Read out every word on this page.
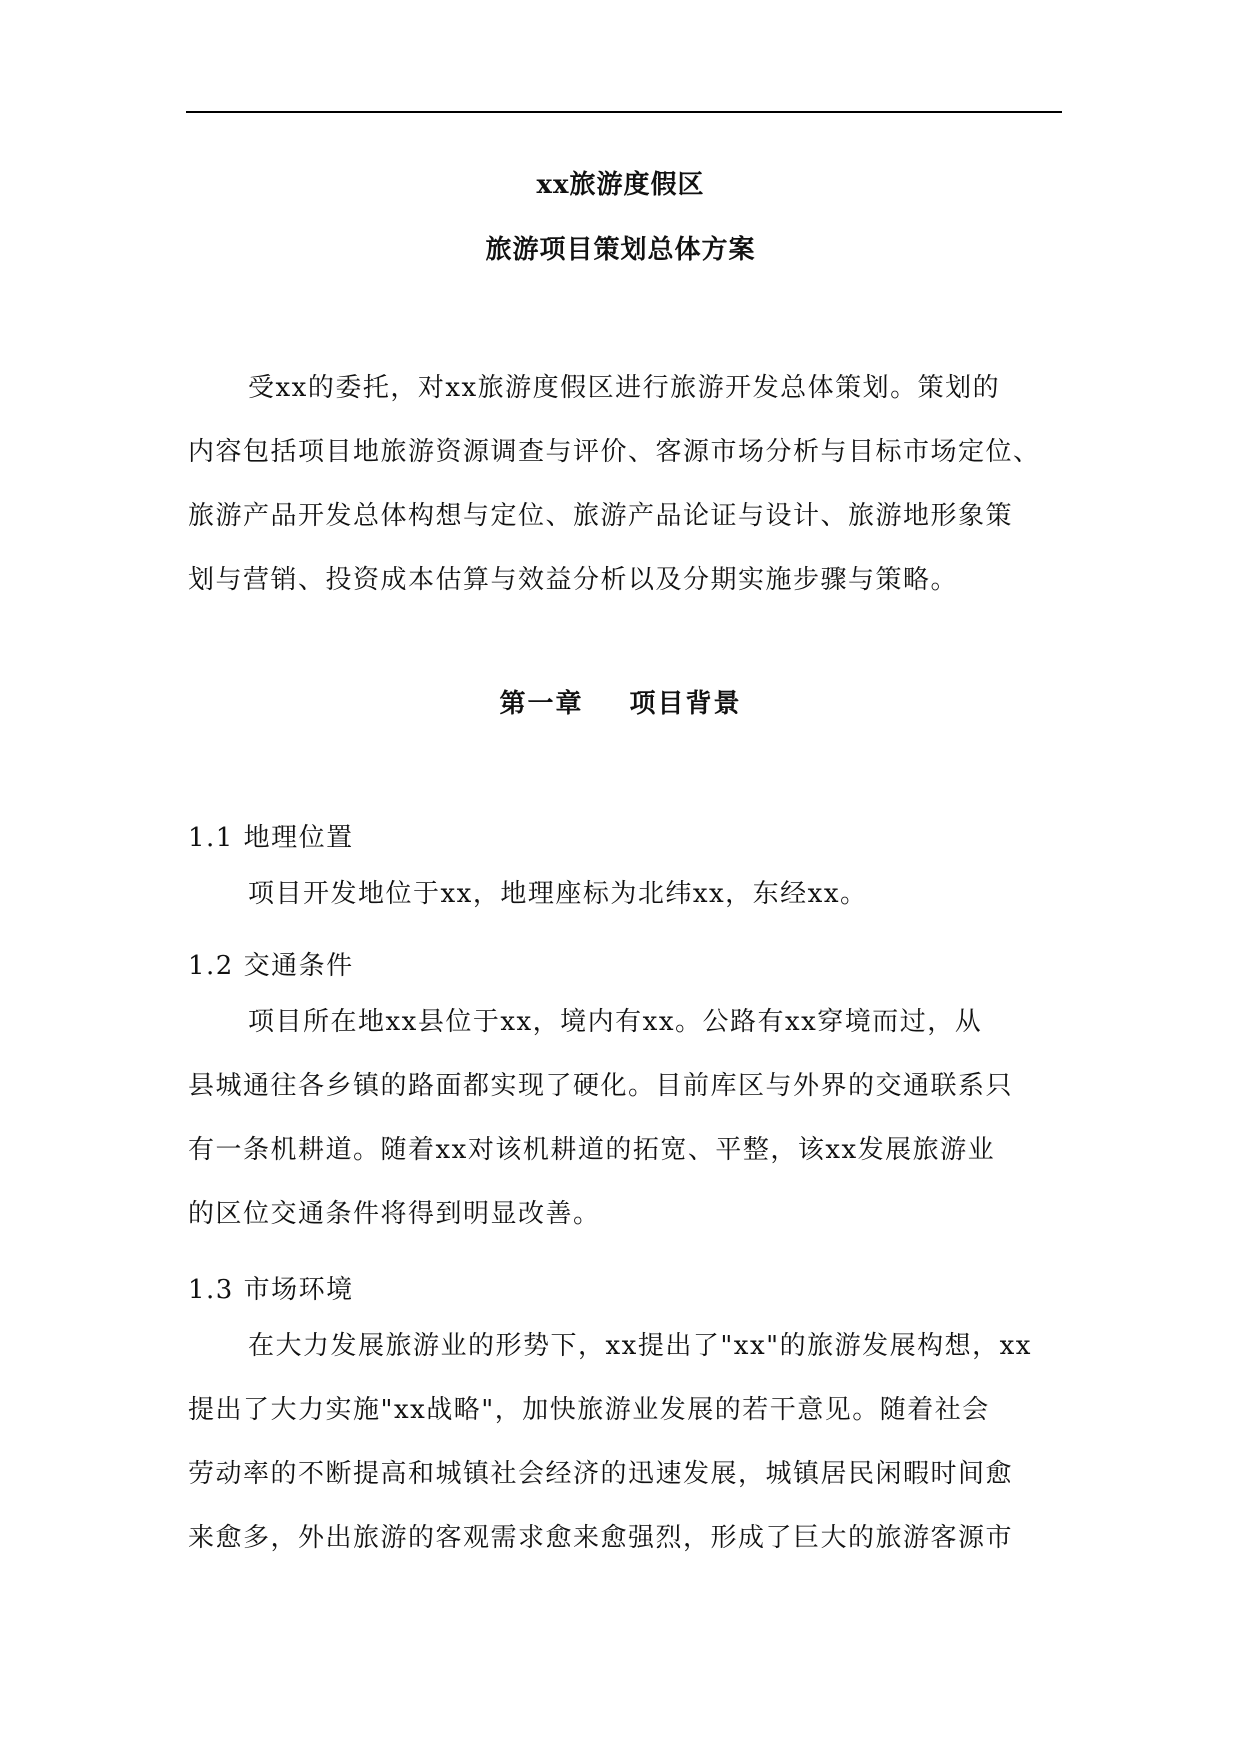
xx旅游度假区
旅游项目策划总体方案
受xx的委托，对xx旅游度假区进行旅游开发总体策划。策划的
内容包括项目地旅游资源调查与评价、客源市场分析与目标市场定位、
旅游产品开发总体构想与定位、旅游产品论证与设计、旅游地形象策
划与营销、投资成本估算与效益分析以及分期实施步骤与策略。
第一章 项目背景
1.1 地理位置
项目开发地位于xx，地理座标为北纬xx，东经xx。
1.2 交通条件
项目所在地xx县位于xx，境内有xx。公路有xx穿境而过，从
县城通往各乡镇的路面都实现了硬化。目前库区与外界的交通联系只
有一条机耕道。随着xx对该机耕道的拓宽、平整，该xx发展旅游业
的区位交通条件将得到明显改善。
1.3 市场环境
在大力发展旅游业的形势下，xx提出了"xx"的旅游发展构想，xx
提出了大力实施"xx战略"，加快旅游业发展的若干意见。随着社会
劳动率的不断提高和城镇社会经济的迅速发展，城镇居民闲暇时间愈
来愈多，外出旅游的客观需求愈来愈强烈，形成了巨大的旅游客源市
